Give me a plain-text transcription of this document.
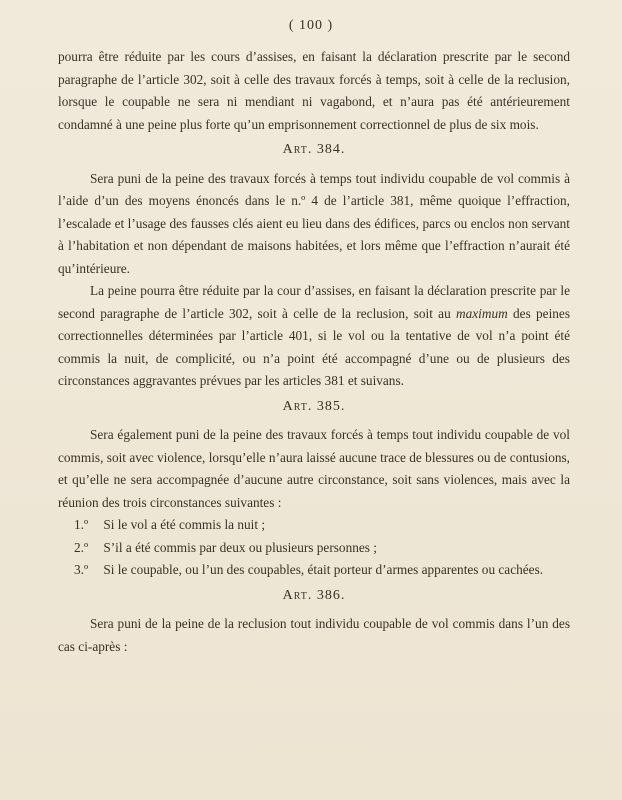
( 100 )

pourra être réduite par les cours d’assises, en faisant la déclaration prescrite par le second paragraphe de l’article 302, soit à celle des travaux forcés à temps, soit à celle de la reclusion, lorsque le coupable ne sera ni mendiant ni vagabond, et n’aura pas été antérieurement condamné à une peine plus forte qu’un emprisonnement correctionnel de plus de six mois.

Art. 384.

Sera puni de la peine des travaux forcés à temps tout individu coupable de vol commis à l’aide d’un des moyens énoncés dans le n.º 4 de l’article 381, même quoique l’effraction, l’escalade et l’usage des fausses clés aient eu lieu dans des édifices, parcs ou enclos non servant à l’habitation et non dépendant de maisons habitées, et lors même que l’effraction n’aurait été qu’intérieure.

La peine pourra être réduite par la cour d’assises, en faisant la déclaration prescrite par le second paragraphe de l’article 302, soit à celle de la reclusion, soit au maximum des peines correctionnelles déterminées par l’article 401, si le vol ou la tentative de vol n’a point été commis la nuit, de complicité, ou n’a point été accompagné d’une ou de plusieurs des circonstances aggravantes prévues par les articles 381 et suivans.

Art. 385.

Sera également puni de la peine des travaux forcés à temps tout individu coupable de vol commis, soit avec violence, lorsqu’elle n’aura laissé aucune trace de blessures ou de contusions, et qu’elle ne sera accompagnée d’aucune autre circonstance, soit sans violences, mais avec la réunion des trois circonstances suivantes :

1.º Si le vol a été commis la nuit ;

2.º S’il a été commis par deux ou plusieurs personnes ;

3.º Si le coupable, ou l’un des coupables, était porteur d’armes apparentes ou cachées.

Art. 386.

Sera puni de la peine de la reclusion tout individu coupable de vol commis dans l’un des cas ci-après :
